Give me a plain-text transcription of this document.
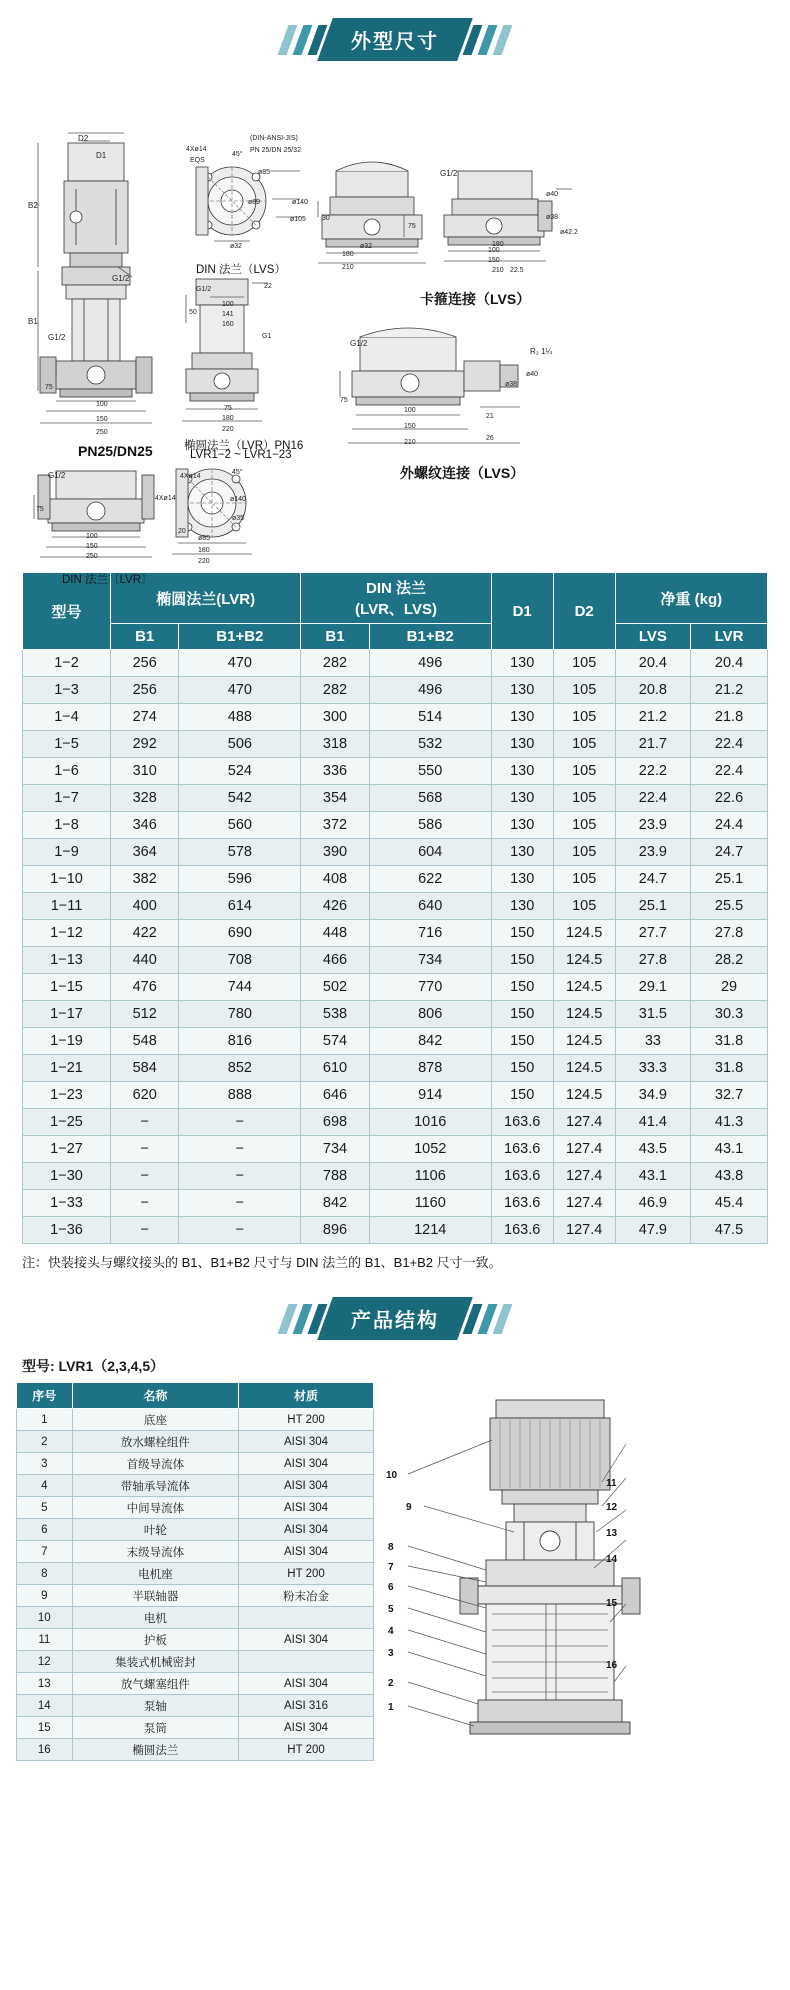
外型尺寸
D2
D1
B2
B1
G1/2
G1/2
75
100
150
250
PN25/DN25
(DIN-ANSI-JIS)
PN 25/DN 25/32
4Xø14
EQS
45°
ø85
ø89	ø140
ø105
ø32
DIN 法兰（LVS）
G1/2	22
50
100
141
160
G1
75
180
220
椭圆法兰（LVR）PN16
LVR1−2 ~ LVR1−23
G1/2
30
75
ø32
ø40
ø38
ø42.2
180
210
100
150
22.5
180
210
卡箍连接（LVS）
G1/2
R₂ 1¼
ø38
ø40
75
21
26
100
150
210
外螺纹连接（LVS）
G1/2
75
100
150
250
DIN 法兰〔LVR〕
4Xø14
4Xø14
45°
ø140
ø35
20
ø85
180
220
型号	椭圆法兰(LVR)		DIN 法兰
(LVR、LVS)		D1	D2	净重 (kg)	
	B1	B1+B2	B1	B1+B2			LVS	LVR
1−2	256	470	282	496	130	105	20.4	20.4
1−3	256	470	282	496	130	105	20.8	21.2
1−4	274	488	300	514	130	105	21.2	21.8
1−5	292	506	318	532	130	105	21.7	22.4
1−6	310	524	336	550	130	105	22.2	22.4
1−7	328	542	354	568	130	105	22.4	22.6
1−8	346	560	372	586	130	105	23.9	24.4
1−9	364	578	390	604	130	105	23.9	24.7
1−10	382	596	408	622	130	105	24.7	25.1
1−11	400	614	426	640	130	105	25.1	25.5
1−12	422	690	448	716	150	124.5	27.7	27.8
1−13	440	708	466	734	150	124.5	27.8	28.2
1−15	476	744	502	770	150	124.5	29.1	29
1−17	512	780	538	806	150	124.5	31.5	30.3
1−19	548	816	574	842	150	124.5	33	31.8
1−21	584	852	610	878	150	124.5	33.3	31.8
1−23	620	888	646	914	150	124.5	34.9	32.7
1−25	−	−	698	1016	163.6	127.4	41.4	41.3
1−27	−	−	734	1052	163.6	127.4	43.5	43.1
1−30	−	−	788	1106	163.6	127.4	43.1	43.8
1−33	−	−	842	1160	163.6	127.4	46.9	45.4
1−36	−	−	896	1214	163.6	127.4	47.9	47.5
注：快装接头与螺纹接头的 B1、B1+B2 尺寸与 DIN 法兰的 B1、B1+B2 尺寸一致。
产品结构
型号: LVR1（2,3,4,5）
序号	名称	材质
1	底座	HT 200
2	放水螺栓组件	AISI 304
3	首级导流体	AISI 304
4	带轴承导流体	AISI 304
5	中间导流体	AISI 304
6	叶轮	AISI 304
7	末级导流体	AISI 304
8	电机座	HT 200
9	半联轴器	粉末冶金
10	电机	
11	护板	AISI 304
12	集装式机械密封	
13	放气螺塞组件	AISI 304
14	泵轴	AISI 316
15	泵筒	AISI 304
16	椭圆法兰	HT 200
10
9
8
7
6
5
4
3
2
1
11
12
13
14
15
16
